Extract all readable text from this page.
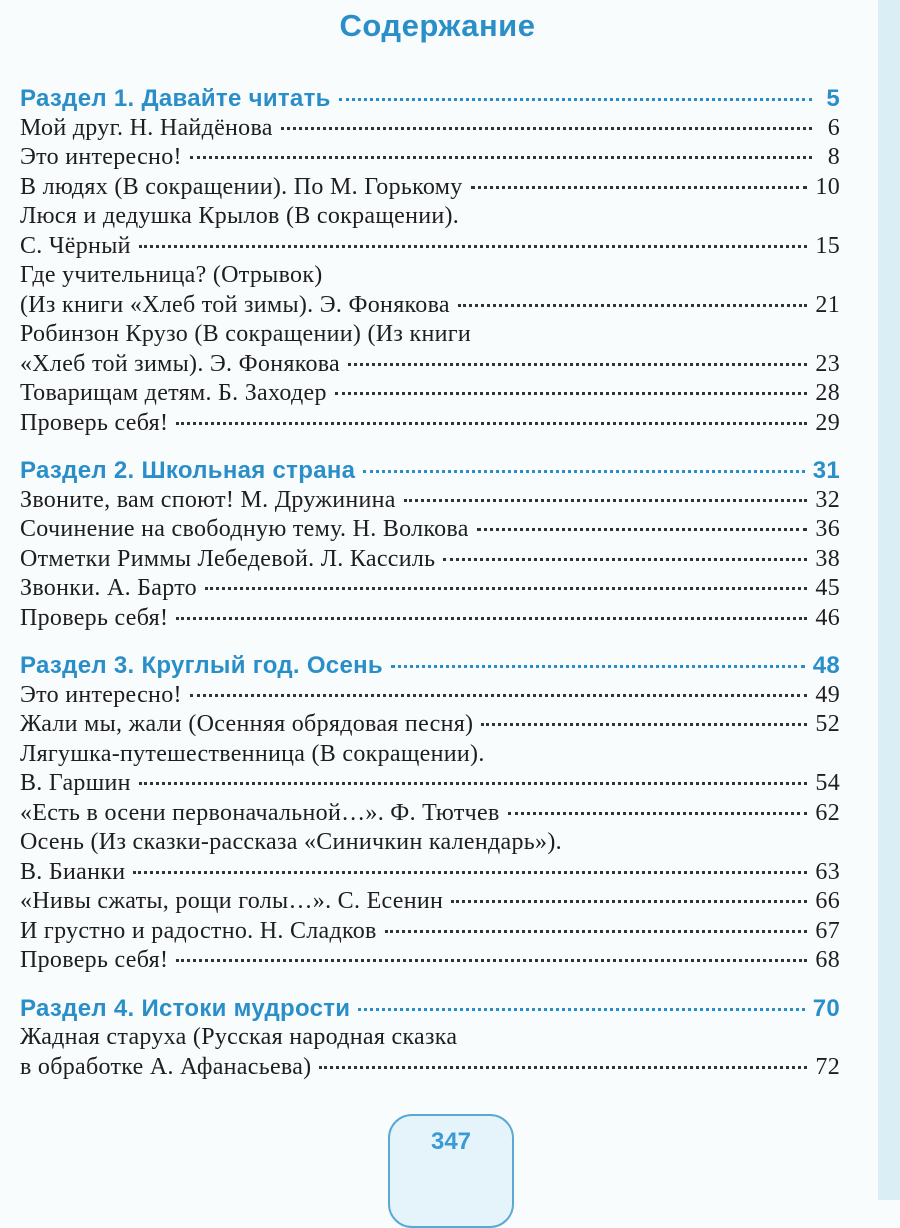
Содержание
Раздел 1. Давайте читать	5
Мой друг. Н. Найдёнова	6
Это интересно!	8
В людях (В сокращении). По М. Горькому	10
Люся и дедушка Крылов (В сокращении).
С. Чёрный	15
Где учительница? (Отрывок)
(Из книги «Хлеб той зимы). Э. Фонякова	21
Робинзон Крузо (В сокращении) (Из книги
«Хлеб той зимы). Э. Фонякова	23
Товарищам детям. Б. Заходер	28
Проверь себя!	29
Раздел 2. Школьная страна	31
Звоните, вам споют! М. Дружинина	32
Сочинение на свободную тему. Н. Волкова	36
Отметки Риммы Лебедевой. Л. Кассиль	38
Звонки. А. Барто	45
Проверь себя!	46
Раздел 3. Круглый год. Осень	48
Это интересно!	49
Жали мы, жали (Осенняя обрядовая песня)	52
Лягушка-путешественница (В сокращении).
В. Гаршин	54
«Есть в осени первоначальной…». Ф. Тютчев	62
Осень (Из сказки-рассказа «Синичкин календарь»).
В. Бианки	63
«Нивы сжаты, рощи голы…». С. Есенин	66
И грустно и радостно. Н. Сладков	67
Проверь себя!	68
Раздел 4. Истоки мудрости	70
Жадная старуха (Русская народная сказка
в обработке А. Афанасьева)	72
347
